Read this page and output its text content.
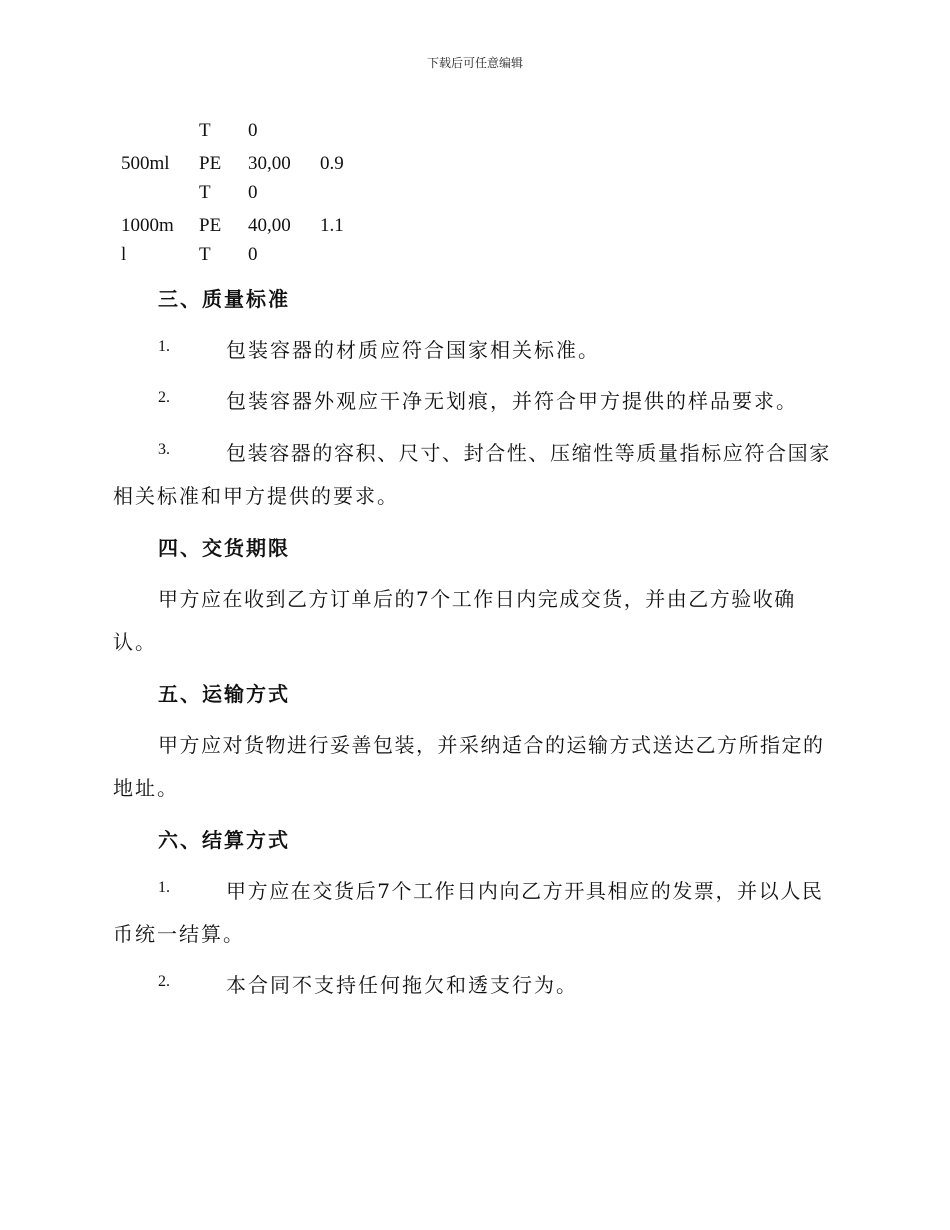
下载后可任意编辑
T 0
500ml PE 30,00 0.9
T 0
1000m PE 40,00 1.1
l	T 0
三、质量标准
1.	包装容器的材质应符合国家相关标准。
2.	包装容器外观应干净无划痕，并符合甲方提供的样品要求。
3.	包装容器的容积、尺寸、封合性、压缩性等质量指标应符合国家
相关标准和甲方提供的要求。
四、交货期限
甲方应在收到乙方订单后的7个工作日内完成交货，并由乙方验收确
认。
五、运输方式
甲方应对货物进行妥善包装，并采纳适合的运输方式送达乙方所指定的
地址。
六、结算方式
1.	甲方应在交货后7个工作日内向乙方开具相应的发票，并以人民
币统一结算。
2.	本合同不支持任何拖欠和透支行为。
